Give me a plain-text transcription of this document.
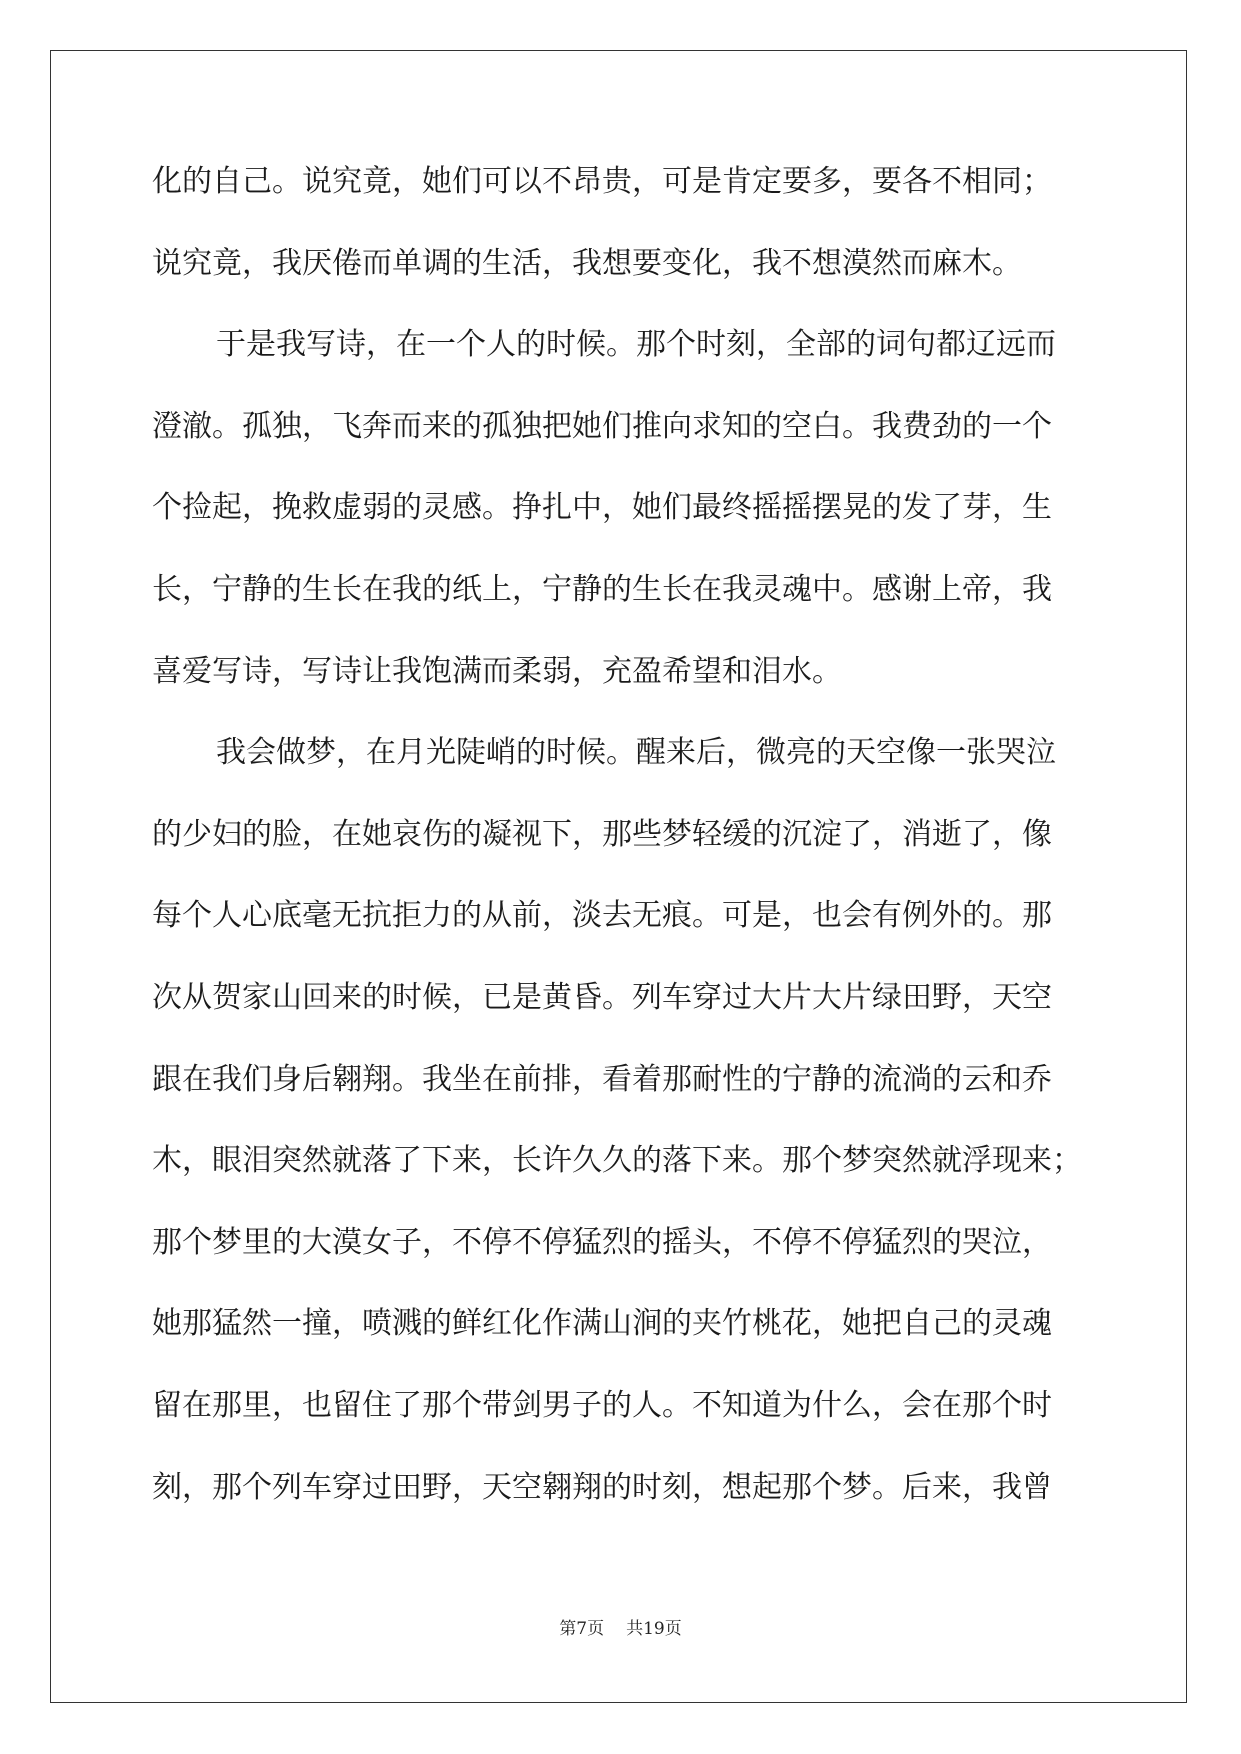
化的自己。说究竟，她们可以不昂贵，可是肯定要多，要各不相同；
说究竟，我厌倦而单调的生活，我想要变化，我不想漠然而麻木。
于是我写诗，在一个人的时候。那个时刻，全部的词句都辽远而
澄澈。孤独，飞奔而来的孤独把她们推向求知的空白。我费劲的一个
个捡起，挽救虚弱的灵感。挣扎中，她们最终摇摇摆晃的发了芽，生
长，宁静的生长在我的纸上，宁静的生长在我灵魂中。感谢上帝，我
喜爱写诗，写诗让我饱满而柔弱，充盈希望和泪水。
我会做梦，在月光陡峭的时候。醒来后，微亮的天空像一张哭泣
的少妇的脸，在她哀伤的凝视下，那些梦轻缓的沉淀了，消逝了，像
每个人心底毫无抗拒力的从前，淡去无痕。可是，也会有例外的。那
次从贺家山回来的时候，已是黄昏。列车穿过大片大片绿田野，天空
跟在我们身后翱翔。我坐在前排，看着那耐性的宁静的流淌的云和乔
木，眼泪突然就落了下来，长许久久的落下来。那个梦突然就浮现来；
那个梦里的大漠女子，不停不停猛烈的摇头，不停不停猛烈的哭泣，
她那猛然一撞，喷溅的鲜红化作满山涧的夹竹桃花，她把自己的灵魂
留在那里，也留住了那个带剑男子的人。不知道为什么，会在那个时
刻，那个列车穿过田野，天空翱翔的时刻，想起那个梦。后来，我曾
第7页 共19页
